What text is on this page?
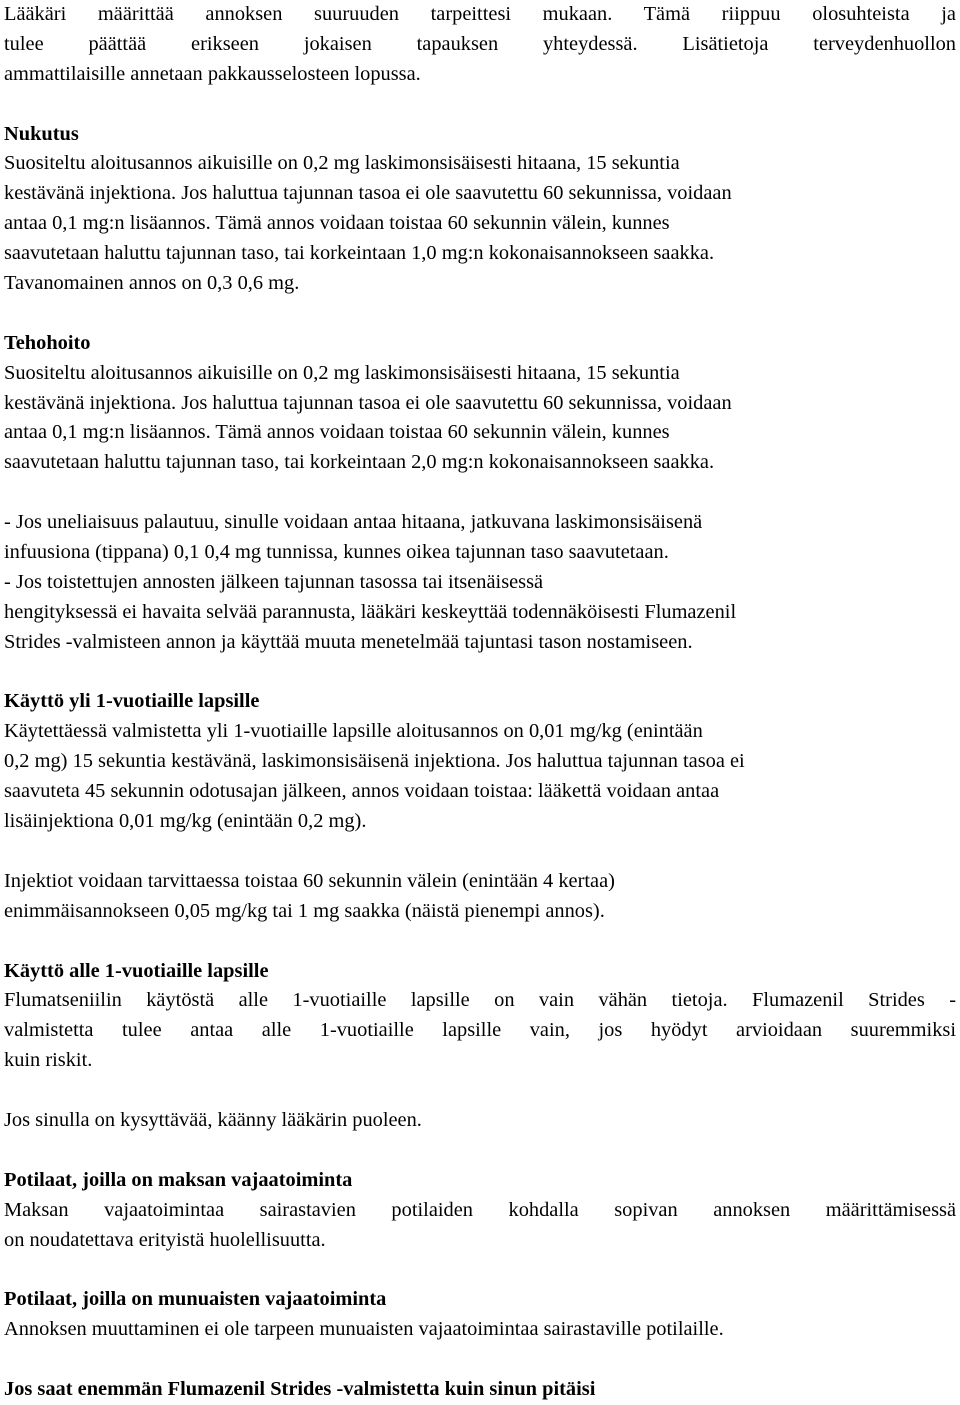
Lääkäri määrittää annoksen suuruuden tarpeittesi mukaan. Tämä riippuu olosuhteista ja
tulee päättää erikseen jokaisen tapauksen yhteydessä. Lisätietoja terveydenhuollon
ammattilaisille annetaan pakkausselosteen lopussa.
Nukutus
Suositeltu aloitusannos aikuisille on 0,2 mg laskimonsisäisesti hitaana, 15 sekuntia
kestävänä injektiona. Jos haluttua tajunnan tasoa ei ole saavutettu 60 sekunnissa, voidaan
antaa 0,1 mg:n lisäannos. Tämä annos voidaan toistaa 60 sekunnin välein, kunnes
saavutetaan haluttu tajunnan taso, tai korkeintaan 1,0 mg:n kokonaisannokseen saakka.
Tavanomainen annos on 0,3 0,6 mg.
Tehohoito
Suositeltu aloitusannos aikuisille on 0,2 mg laskimonsisäisesti hitaana, 15 sekuntia
kestävänä injektiona. Jos haluttua tajunnan tasoa ei ole saavutettu 60 sekunnissa, voidaan
antaa 0,1 mg:n lisäannos. Tämä annos voidaan toistaa 60 sekunnin välein, kunnes
saavutetaan haluttu tajunnan taso, tai korkeintaan 2,0 mg:n kokonaisannokseen saakka.
- Jos uneliaisuus palautuu, sinulle voidaan antaa hitaana, jatkuvana laskimonsisäisenä
infuusiona (tippana) 0,1 0,4 mg tunnissa, kunnes oikea tajunnan taso saavutetaan.
- Jos toistettujen annosten jälkeen tajunnan tasossa tai itsenäisessä
hengityksessä ei havaita selvää parannusta, lääkäri keskeyttää todennäköisesti Flumazenil
Strides -valmisteen annon ja käyttää muuta menetelmää tajuntasi tason nostamiseen.
Käyttö yli 1-vuotiaille lapsille
Käytettäessä valmistetta yli 1-vuotiaille lapsille aloitusannos on 0,01 mg/kg (enintään
0,2 mg) 15 sekuntia kestävänä, laskimonsisäisenä injektiona. Jos haluttua tajunnan tasoa ei
saavuteta 45 sekunnin odotusajan jälkeen, annos voidaan toistaa: lääkettä voidaan antaa
lisäinjektiona 0,01 mg/kg (enintään 0,2 mg).
Injektiot voidaan tarvittaessa toistaa 60 sekunnin välein (enintään 4 kertaa)
enimmäisannokseen 0,05 mg/kg tai 1 mg saakka (näistä pienempi annos).
Käyttö alle 1-vuotiaille lapsille
Flumatseniilin käytöstä alle 1-vuotiaille lapsille on vain vähän tietoja. Flumazenil Strides -
valmistetta tulee antaa alle 1-vuotiaille lapsille vain, jos hyödyt arvioidaan suuremmiksi
kuin riskit.
Jos sinulla on kysyttävää, käänny lääkärin puoleen.
Potilaat, joilla on maksan vajaatoiminta
Maksan vajaatoimintaa sairastavien potilaiden kohdalla sopivan annoksen määrittämisessä
on noudatettava erityistä huolellisuutta.
Potilaat, joilla on munuaisten vajaatoiminta
Annoksen muuttaminen ei ole tarpeen munuaisten vajaatoimintaa sairastaville potilaille.
Jos saat enemmän Flumazenil Strides -valmistetta kuin sinun pitäisi
